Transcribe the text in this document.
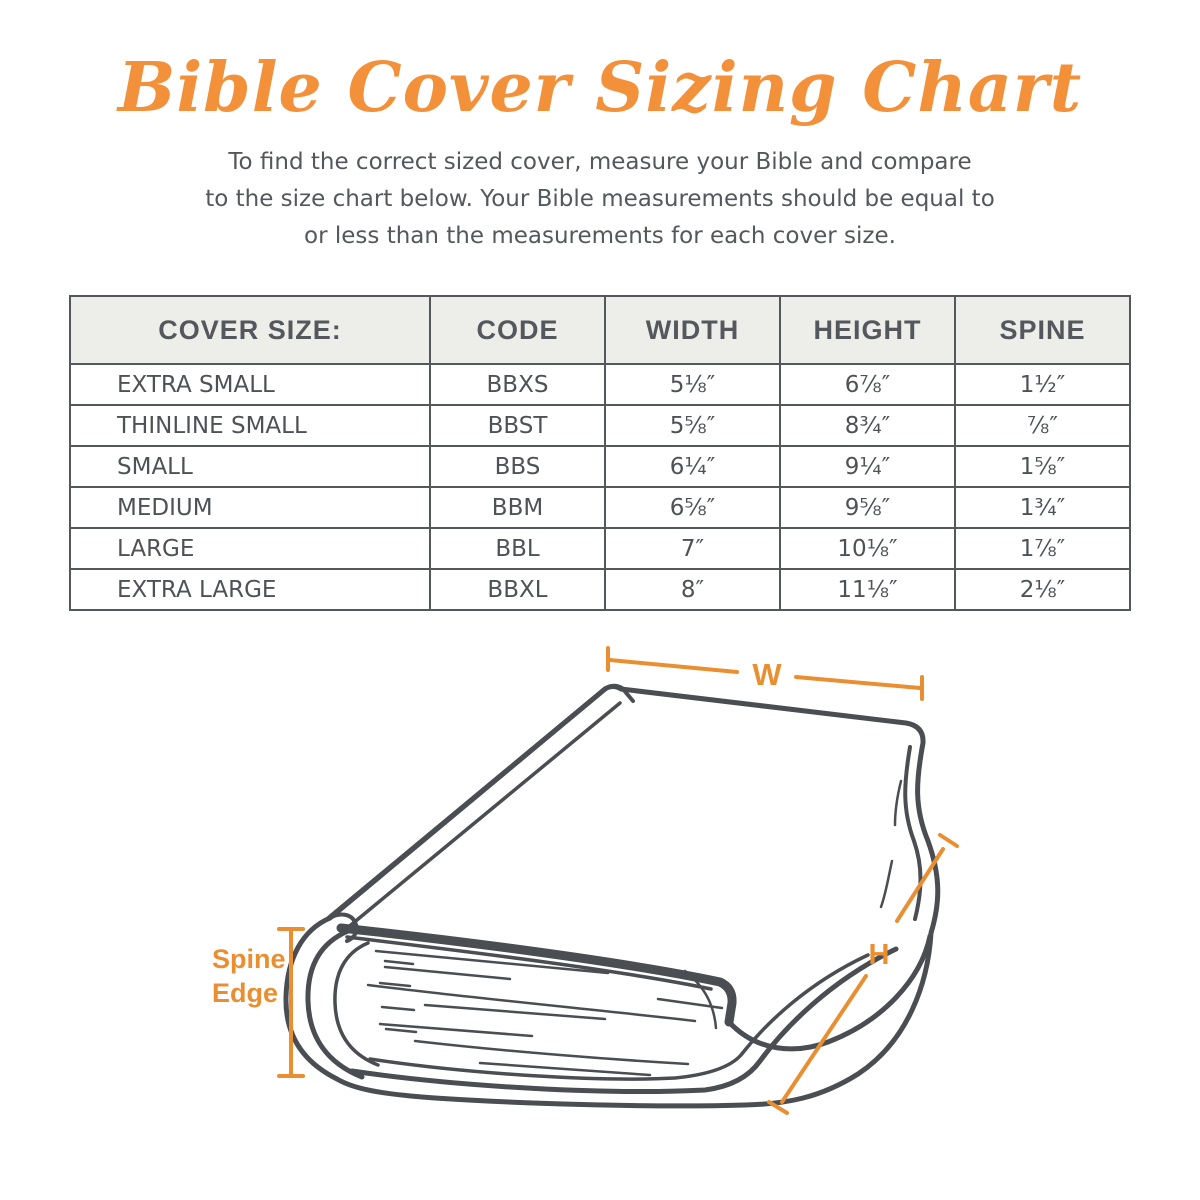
Bible Cover Sizing Chart
To find the correct sized cover, measure your Bible and compare
to the size chart below. Your Bible measurements should be equal to
or less than the measurements for each cover size.
COVER SIZE:	CODE	WIDTH	HEIGHT	SPINE
EXTRA SMALL	BBXS	5⅛″	6⅞″	1½″
THINLINE SMALL	BBST	5⅝″	8¾″	⅞″
SMALL	BBS	6¼″	9¼″	1⅝″
MEDIUM	BBM	6⅝″	9⅝″	1¾″
LARGE	BBL	7″	10⅛″	1⅞″
EXTRA LARGE	BBXL	8″	11⅛″	2⅛″
W
H
Spine
Edge
